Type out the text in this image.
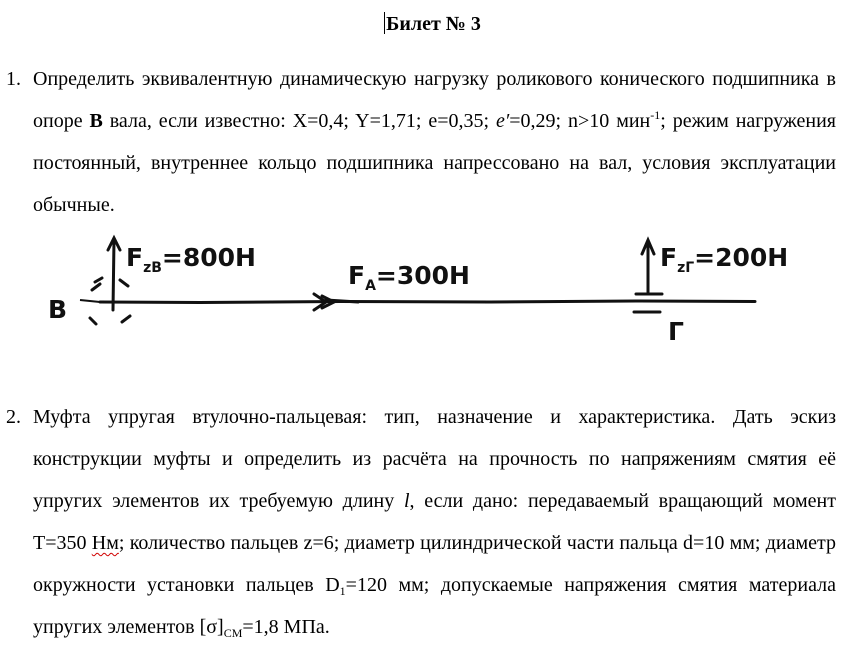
Билет № 3
1. Определить эквивалентную динамическую нагрузку роликового конического подшипника в опоре В вала, если известно: X=0,4; Y=1,71; e=0,35; e′=0,29; n>10 мин$^{-1}$; режим нагружения постоянный, внутреннее кольцо подшипника напрессовано на вал, условия эксплуатации обычные.
B
$F_{zB}=800H$
$F_A=300H$
$F_{zГ}=200H$
Г
2. Муфта упругая втулочно-пальцевая: тип, назначение и характеристика. Дать эскиз конструкции муфты и определить из расчёта на прочность по напряжениям смятия её упругих элементов их требуемую длину l, если дано: передаваемый вращающий момент T=350 Нм; количество пальцев z=6; диаметр цилиндрической части пальца d=10 мм; диаметр окружности установки пальцев $D_1=120$ мм; допускаемые напряжения смятия материала упругих элементов $[\sigma]_{СМ}=1,8$ МПа.
